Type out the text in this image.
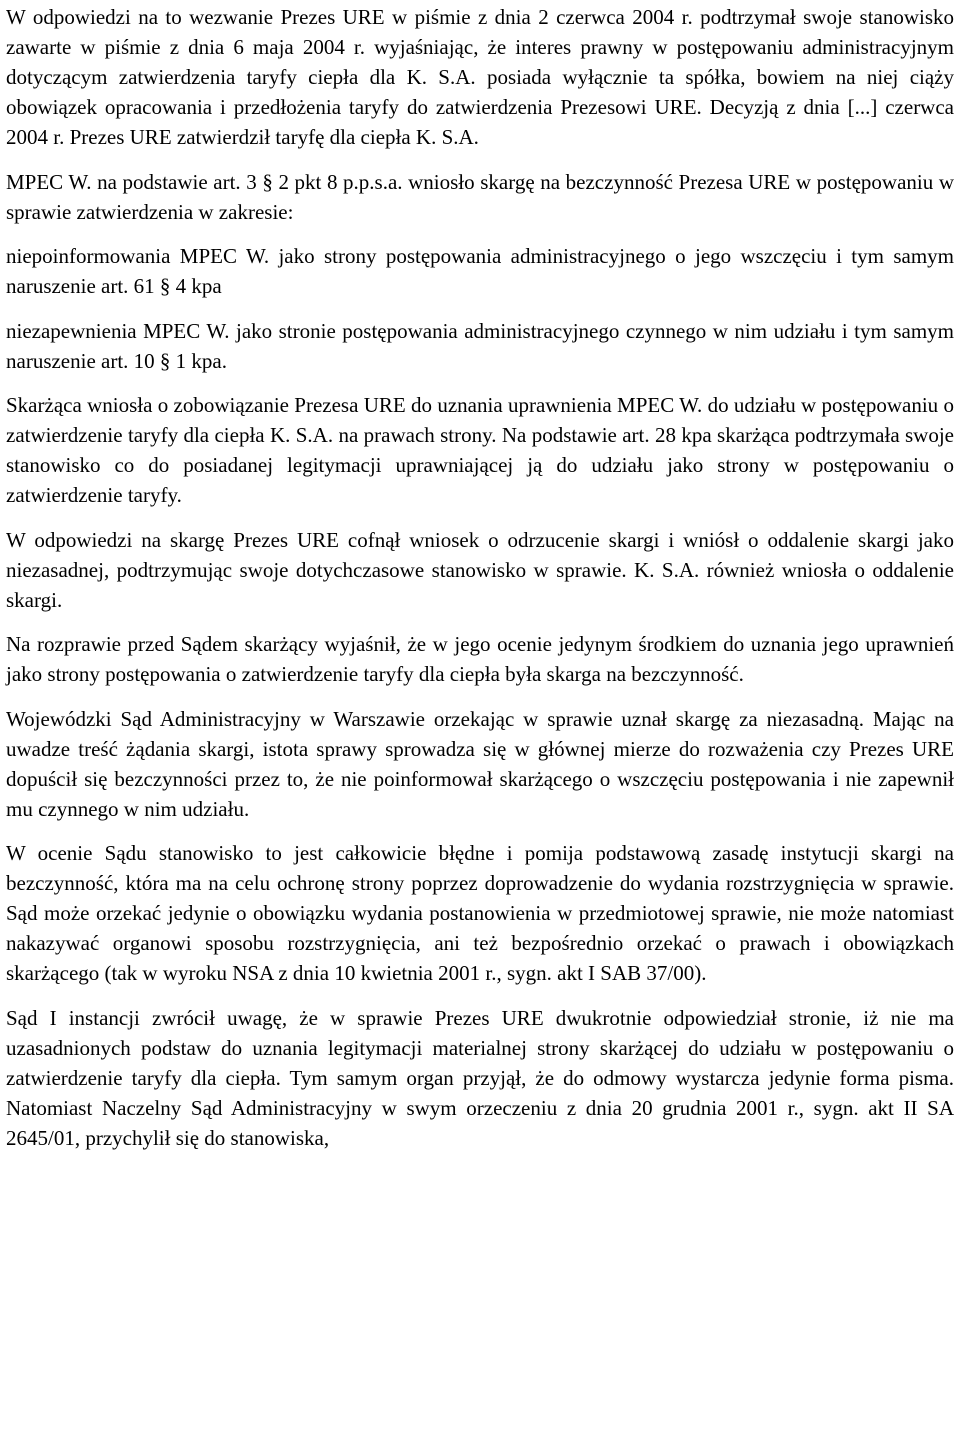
W odpowiedzi na to wezwanie Prezes URE w piśmie z dnia 2 czerwca 2004 r. podtrzymał swoje stanowisko zawarte w piśmie z dnia 6 maja 2004 r. wyjaśniając, że interes prawny w postępowaniu administracyjnym dotyczącym zatwierdzenia taryfy ciepła dla K. S.A. posiada wyłącznie ta spółka, bowiem na niej ciąży obowiązek opracowania i przedłożenia taryfy do zatwierdzenia Prezesowi URE. Decyzją z dnia [...] czerwca 2004 r. Prezes URE zatwierdził taryfę dla ciepła K. S.A.

MPEC W. na podstawie art. 3 § 2 pkt 8 p.p.s.a. wniosło skargę na bezczynność Prezesa URE w postępowaniu w sprawie zatwierdzenia w zakresie:

niepoinformowania MPEC W. jako strony postępowania administracyjnego o jego wszczęciu i tym samym naruszenie art. 61 § 4 kpa

niezapewnienia MPEC W. jako stronie postępowania administracyjnego czynnego w nim udziału i tym samym naruszenie art. 10 § 1 kpa.

Skarżąca wniosła o zobowiązanie Prezesa URE do uznania uprawnienia MPEC W. do udziału w postępowaniu o zatwierdzenie taryfy dla ciepła K. S.A. na prawach strony. Na podstawie art. 28 kpa skarżąca podtrzymała swoje stanowisko co do posiadanej legitymacji uprawniającej ją do udziału jako strony w postępowaniu o zatwierdzenie taryfy.

W odpowiedzi na skargę Prezes URE cofnął wniosek o odrzucenie skargi i wniósł o oddalenie skargi jako niezasadnej, podtrzymując swoje dotychczasowe stanowisko w sprawie. K. S.A. również wniosła o oddalenie skargi.

Na rozprawie przed Sądem skarżący wyjaśnił, że w jego ocenie jedynym środkiem do uznania jego uprawnień jako strony postępowania o zatwierdzenie taryfy dla ciepła była skarga na bezczynność.

Wojewódzki Sąd Administracyjny w Warszawie orzekając w sprawie uznał skargę za niezasadną. Mając na uwadze treść żądania skargi, istota sprawy sprowadza się w głównej mierze do rozważenia czy Prezes URE dopuścił się bezczynności przez to, że nie poinformował skarżącego o wszczęciu postępowania i nie zapewnił mu czynnego w nim udziału.

W ocenie Sądu stanowisko to jest całkowicie błędne i pomija podstawową zasadę instytucji skargi na bezczynność, która ma na celu ochronę strony poprzez doprowadzenie do wydania rozstrzygnięcia w sprawie. Sąd może orzekać jedynie o obowiązku wydania postanowienia w przedmiotowej sprawie, nie może natomiast nakazywać organowi sposobu rozstrzygnięcia, ani też bezpośrednio orzekać o prawach i obowiązkach skarżącego (tak w wyroku NSA z dnia 10 kwietnia 2001 r., sygn. akt I SAB 37/00).

Sąd I instancji zwrócił uwagę, że w sprawie Prezes URE dwukrotnie odpowiedział stronie, iż nie ma uzasadnionych podstaw do uznania legitymacji materialnej strony skarżącej do udziału w postępowaniu o zatwierdzenie taryfy dla ciepła. Tym samym organ przyjął, że do odmowy wystarcza jedynie forma pisma. Natomiast Naczelny Sąd Administracyjny w swym orzeczeniu z dnia 20 grudnia 2001 r., sygn. akt II SA 2645/01, przychylił się do stanowiska,
